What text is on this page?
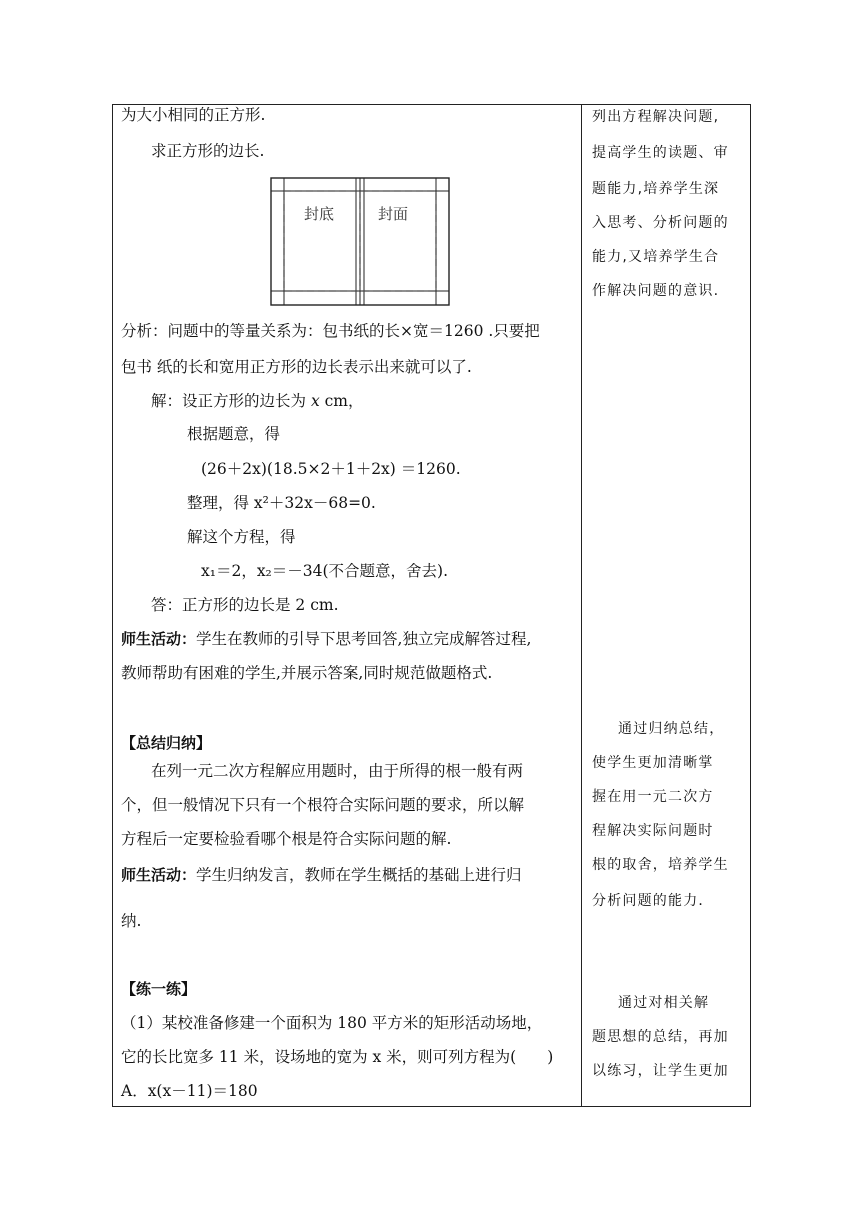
为大小相同的正方形.
求正方形的边长.
封底	封面
分析：问题中的等量关系为：包书纸的长×宽＝1260 .只要把
包书 纸的长和宽用正方形的边长表示出来就可以了.
解：设正方形的边长为 x cm，
根据题意，得
(26＋2x)(18.5×2＋1＋2x) ＝1260.
整理，得 x²＋32x－68=0.
解这个方程，得
x₁＝2，x₂＝－34(不合题意，舍去).
答：正方形的边长是 2 cm.
师生活动：学生在教师的引导下思考回答,独立完成解答过程,
教师帮助有困难的学生,并展示答案,同时规范做题格式.
【总结归纳】
在列一元二次方程解应用题时，由于所得的根一般有两
个，但一般情况下只有一个根符合实际问题的要求，所以解
方程后一定要检验看哪个根是符合实际问题的解.
师生活动：学生归纳发言，教师在学生概括的基础上进行归
纳.
【练一练】
（1）某校准备修建一个面积为 180 平方米的矩形活动场地，
它的长比宽多 11 米，设场地的宽为 x 米，则可列方程为(　　)
A．x(x－11)＝180
列出方程解决问题,
提高学生的读题、审
题能力,培养学生深
入思考、分析问题的
能力,又培养学生合
作解决问题的意识.
通过归纳总结，
使学生更加清晰掌
握在用一元二次方
程解决实际问题时
根的取舍，培养学生
分析问题的能力．
通过对相关解
题思想的总结，再加
以练习，让学生更加
